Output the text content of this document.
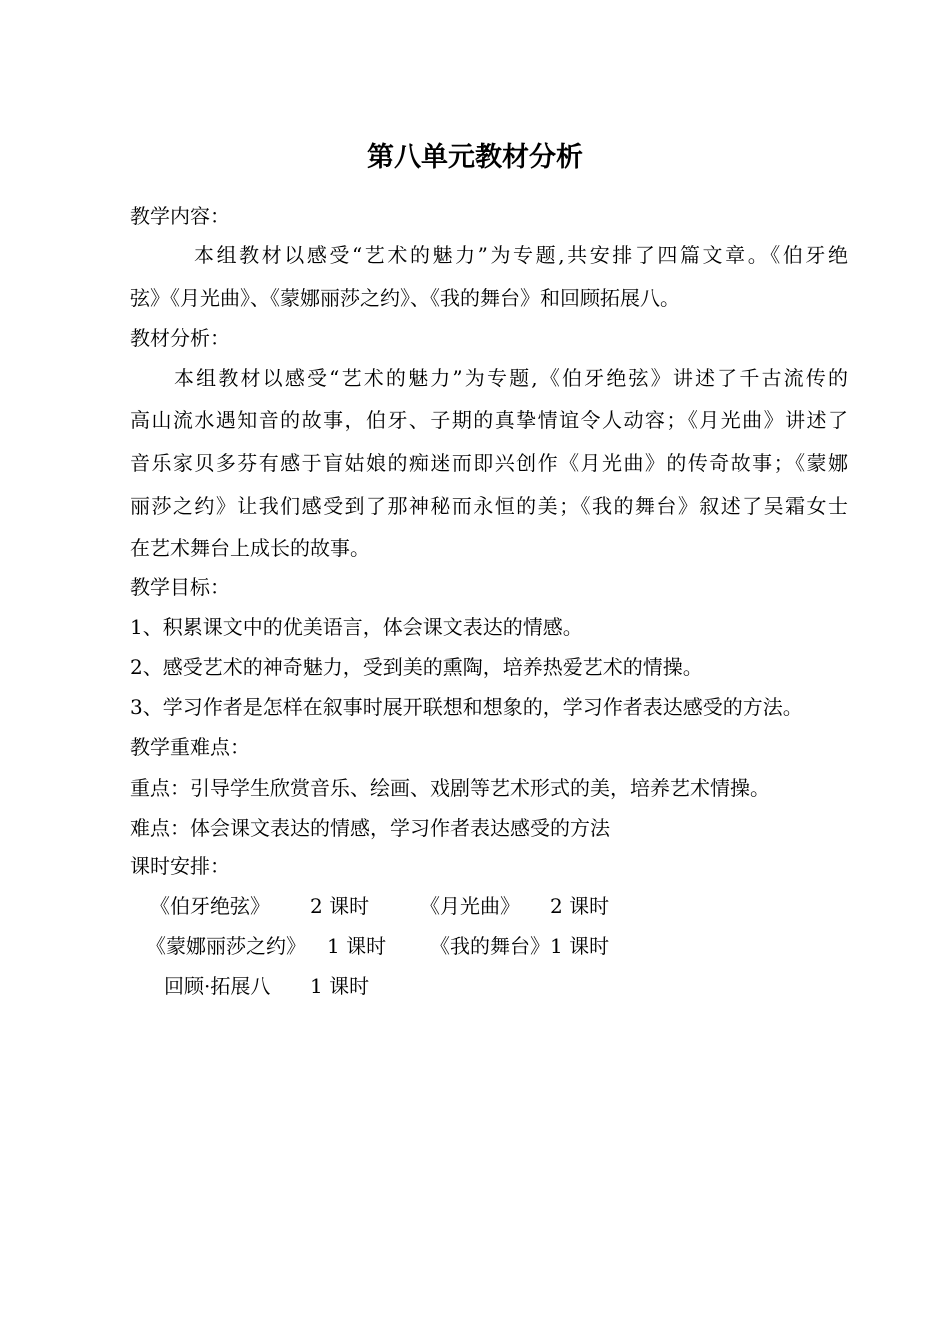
第八单元教材分析
教学内容：
本组教材以感受“艺术的魅力”为专题,共安排了四篇文章。《伯牙绝
弦》《月光曲》、《蒙娜丽莎之约》、《我的舞台》和回顾拓展八。
教材分析：
本组教材以感受“艺术的魅力”为专题,《伯牙绝弦》讲述了千古流传的
高山流水遇知音的故事，伯牙、子期的真挚情谊令人动容；《月光曲》讲述了
音乐家贝多芬有感于盲姑娘的痴迷而即兴创作《月光曲》的传奇故事；《蒙娜
丽莎之约》让我们感受到了那神秘而永恒的美；《我的舞台》叙述了吴霜女士
在艺术舞台上成长的故事。
教学目标：
1、积累课文中的优美语言，体会课文表达的情感。
2、感受艺术的神奇魅力，受到美的熏陶，培养热爱艺术的情操。
3、学习作者是怎样在叙事时展开联想和想象的，学习作者表达感受的方法。
教学重难点：
重点：引导学生欣赏音乐、绘画、戏剧等艺术形式的美，培养艺术情操。
难点：体会课文表达的情感，学习作者表达感受的方法
课时安排：
《伯牙绝弦》 2 课时	《月光曲》 2 课时
《蒙娜丽莎之约》 1 课时 《我的舞台》 1 课时
回顾·拓展八 1 课时
